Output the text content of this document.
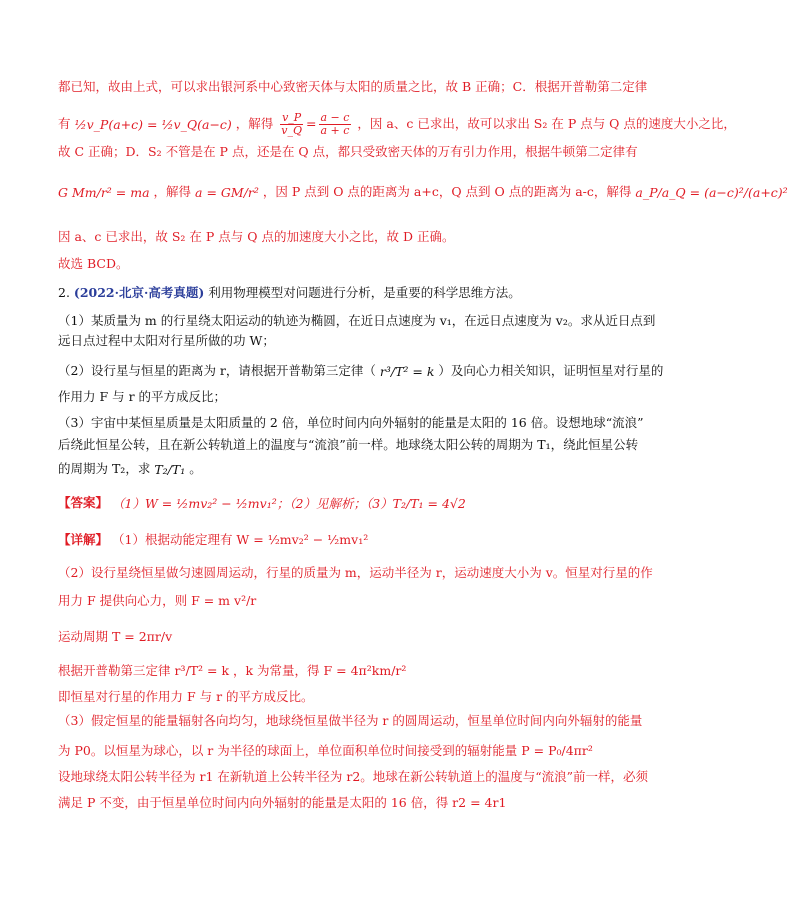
都已知，故由上式，可以求出银河系中心致密天体与太阳的质量之比，故 B 正确；C．根据开普勒第二定律
有 ½v_P(a+c) = ½v_Q(a−c) ，解得 $\frac{v\_P}{v\_Q} = \frac{a - c}{a + c}$ ，因 a、c 已求出，故可以求出 S₂ 在 P 点与 Q 点的速度大小之比，
故 C 正确；D．S₂ 不管是在 P 点，还是在 Q 点，都只受致密天体的万有引力作用，根据牛顿第二定律有
G Mm/r² = ma ，解得 a = GM/r² ，因 P 点到 O 点的距离为 a+c，Q 点到 O 点的距离为 a-c，解得 a_P/a_Q = (a−c)²/(a+c)²
因 a、c 已求出，故 S₂ 在 P 点与 Q 点的加速度大小之比，故 D 正确。
故选 BCD。
2. (2022·北京·高考真题) 利用物理模型对问题进行分析，是重要的科学思维方法。
（1）某质量为 m 的行星绕太阳运动的轨迹为椭圆，在近日点速度为 v₁，在远日点速度为 v₂。求从近日点到
远日点过程中太阳对行星所做的功 W；
（2）设行星与恒星的距离为 r，请根据开普勒第三定律（ r³/T² = k ）及向心力相关知识，证明恒星对行星的
作用力 F 与 r 的平方成反比；
（3）宇宙中某恒星质量是太阳质量的 2 倍，单位时间内向外辐射的能量是太阳的 16 倍。设想地球“流浪”
后绕此恒星公转，且在新公转轨道上的温度与“流浪”前一样。地球绕太阳公转的周期为 T₁，绕此恒星公转
的周期为 T₂，求 T₂/T₁ 。
【答案】 （1）W = ½mv₂² − ½mv₁²；（2）见解析；（3）T₂/T₁ = 4√2
【详解】 （1）根据动能定理有 W = ½mv₂² − ½mv₁²
（2）设行星绕恒星做匀速圆周运动，行星的质量为 m，运动半径为 r，运动速度大小为 v。恒星对行星的作
用力 F 提供向心力，则 F = m v²/r
运动周期 T = 2πr/v
根据开普勒第三定律 r³/T² = k ，k 为常量，得 F = 4π²km/r²
即恒星对行星的作用力 F 与 r 的平方成反比。
（3）假定恒星的能量辐射各向均匀，地球绕恒星做半径为 r 的圆周运动，恒星单位时间内向外辐射的能量
为 P0。以恒星为球心，以 r 为半径的球面上，单位面积单位时间接受到的辐射能量 P = P₀/4πr²
设地球绕太阳公转半径为 r1 在新轨道上公转半径为 r2。地球在新公转轨道上的温度与“流浪”前一样，必须
满足 P 不变，由于恒星单位时间内向外辐射的能量是太阳的 16 倍，得 r2 = 4r1
